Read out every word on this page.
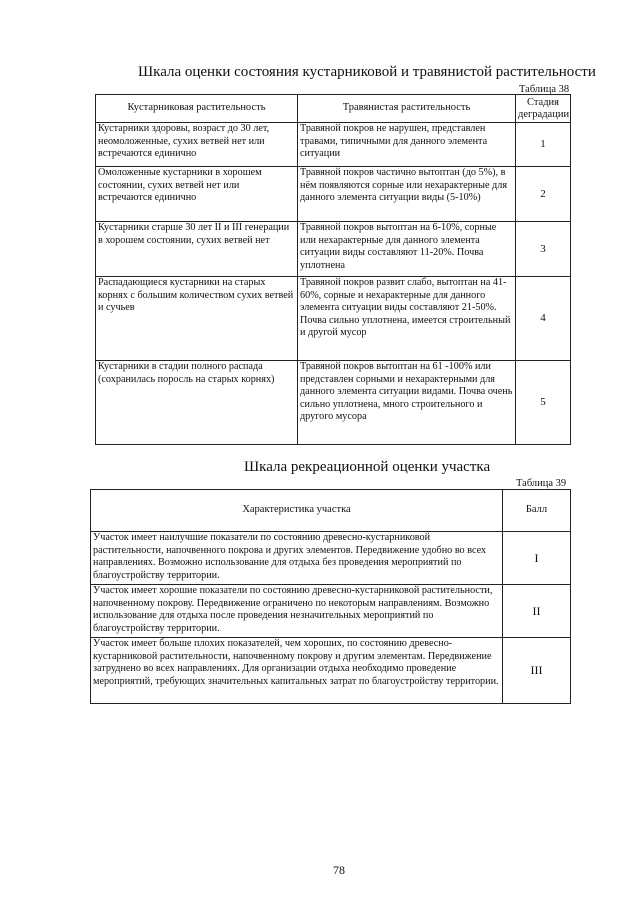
Шкала оценки состояния кустарниковой и травянистой растительности
Таблица 38
Кустарниковая растительность	Травянистая растительность	Стадия деградации
Кустарники здоровы, возраст до 30 лет, неомоложенные, сухих ветвей нет или встречаются единично	Травяной покров не нарушен, представлен травами, типичными для данного элемента ситуации	1
Омоложенные кустарники в хорошем состоянии, сухих ветвей нет или встречаются единично	Травяной покров частично вытоптан (до 5%), в нём появляются сорные или нехарактерные для данного элемента ситуации виды (5-10%)	2
Кустарники старше 30 лет II и III генерации в хорошем состоянии, сухих ветвей нет	Травяной покров вытоптан на 6-10%, сорные или нехарактерные для данного элемента ситуации виды составляют 11-20%. Почва уплотнена	3
Распадающиеся кустарники на старых корнях с большим количеством сухих ветвей и сучьев	Травяной покров развит слабо, вытоптан на 41-60%, сорные и нехарактерные для данного элемента ситуации виды составляют 21-50%. Почва сильно уплотнена, имеется строительный и другой мусор	4
Кустарники в стадии полного распада (сохранилась поросль на старых корнях)	Травяной покров вытоптан на 61 -100% или представлен сорными и нехарактерными для данного элемента ситуации видами. Почва очень сильно уплотнена, много строительного и другого мусора	5
Шкала рекреационной оценки участка
Таблица 39
Характеристика участка	Балл
Участок имеет наилучшие показатели по состоянию древесно-кустарниковой растительности, напочвенного покрова и других элементов. Передвижение удобно во всех направлениях. Возможно использование для отдыха без проведения мероприятий по благоустройству территории.	I
Участок имеет хорошие показатели по состоянию древесно-кустарниковой растительности, напочвенному покрову. Передвижение ограничено по некоторым направлениям. Возможно использование для отдыха после проведения незначительных мероприятий по благоустройству территории.	II
Участок имеет больше плохих показателей, чем хороших, по состоянию древесно-кустарниковой растительности, напочвенному покрову и другим элементам. Передвижение затруднено во всех направлениях. Для организации отдыха необходимо проведение мероприятий, требующих значительных капитальных затрат по благоустройству территории.	III
78
